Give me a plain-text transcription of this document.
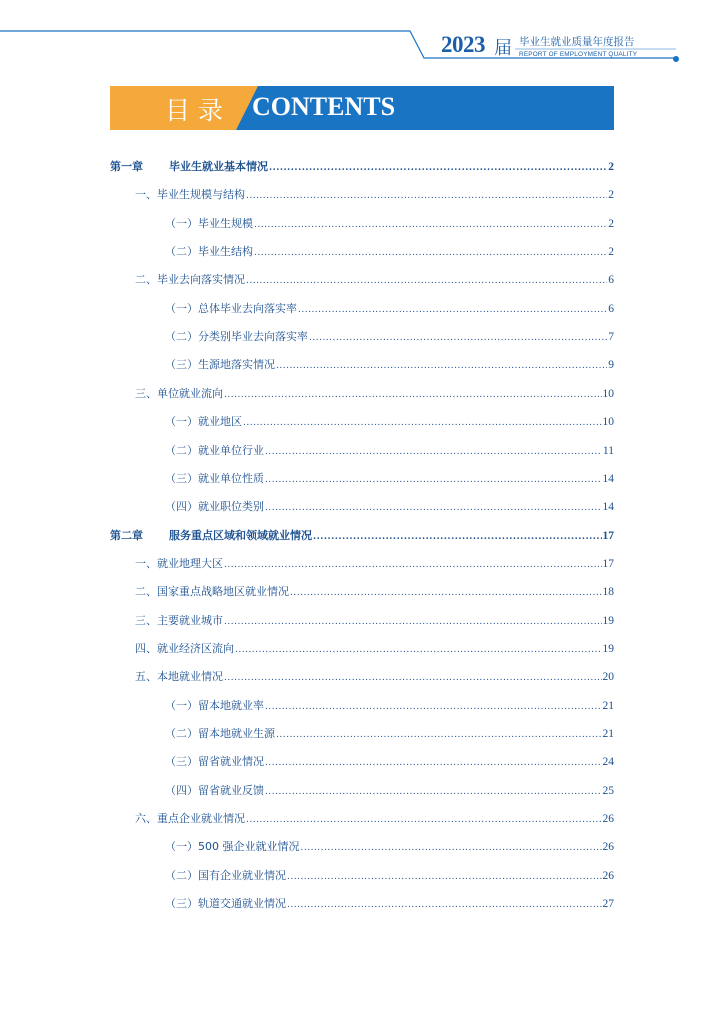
2023 届 毕业生就业质量年度报告
REPORT OF EMPLOYMENT QUALITY
目录 CONTENTS
第一章 毕业生就业基本情况 .....	2
一、毕业生规模与结构 .....	2
（一）毕业生规模 .....	2
（二）毕业生结构 .....	2
二、毕业去向落实情况 .....	6
（一）总体毕业去向落实率 .....	6
（二）分类别毕业去向落实率 .....	7
（三）生源地落实情况 .....	9
三、单位就业流向 .....	10
（一）就业地区 .....	10
（二）就业单位行业 .....	11
（三）就业单位性质 .....	14
（四）就业职位类别 .....	14
第二章 服务重点区域和领域就业情况 .....	17
一、就业地理大区 .....	17
二、国家重点战略地区就业情况 .....	18
三、主要就业城市 .....	19
四、就业经济区流向 .....	19
五、本地就业情况 .....	20
（一）留本地就业率 .....	21
（二）留本地就业生源 .....	21
（三）留省就业情况 .....	24
（四）留省就业反馈 .....	25
六、重点企业就业情况 .....	26
（一）500 强企业就业情况 .....	26
（二）国有企业就业情况 .....	26
（三）轨道交通就业情况 .....	27
